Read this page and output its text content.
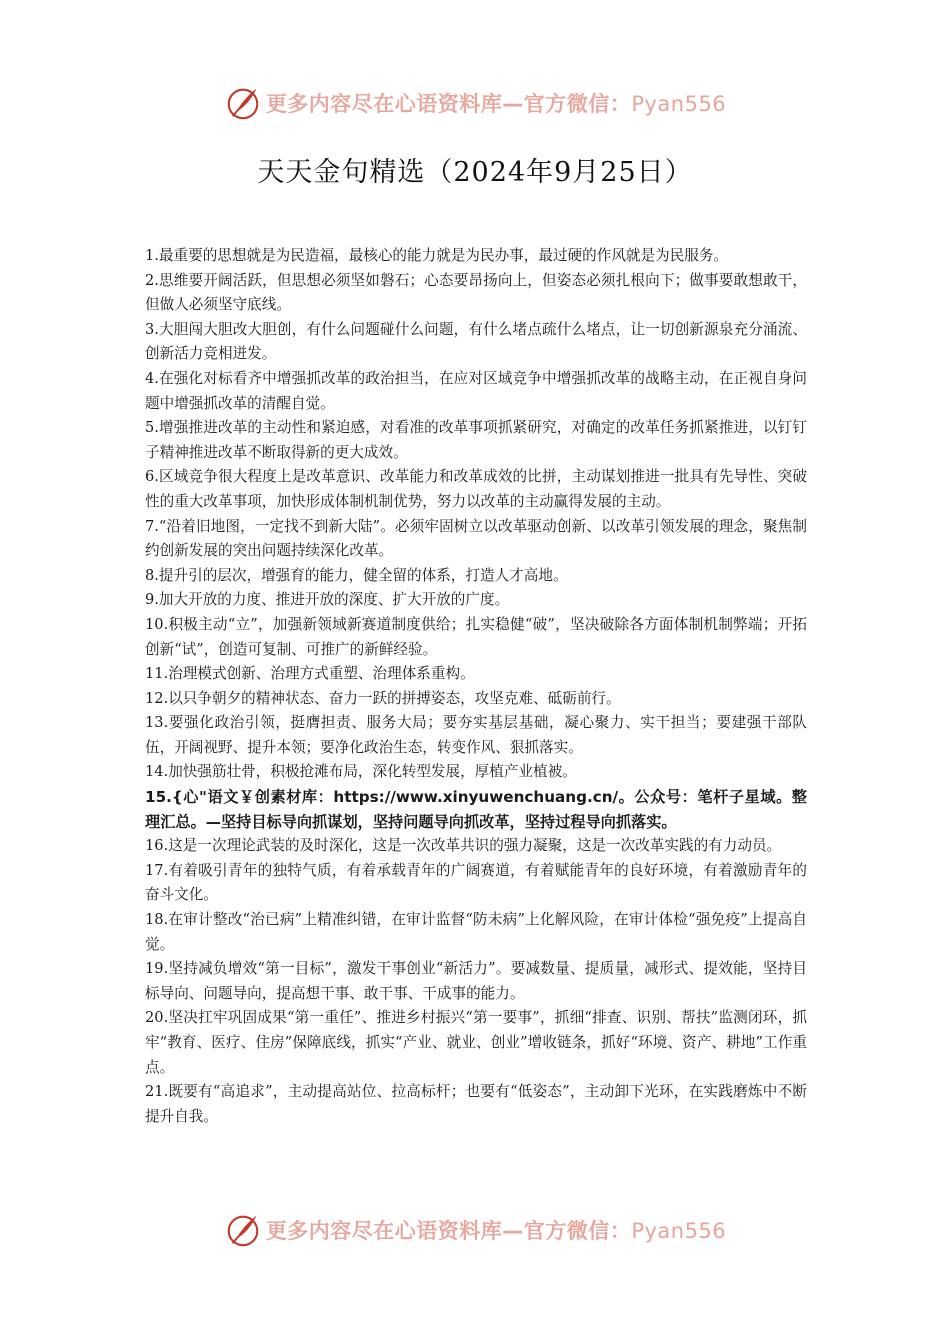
更多内容尽在心语资料库—官方微信：Pyan556
天天金句精选（2024年9月25日）

1.最重要的思想就是为民造福，最核心的能力就是为民办事，最过硬的作风就是为民服务。

2.思维要开阔活跃，但思想必须坚如磐石；心态要昂扬向上，但姿态必须扎根向下；做事要敢想敢干，但做人必须坚守底线。

3.大胆闯大胆改大胆创，有什么问题碰什么问题，有什么堵点疏什么堵点，让一切创新源泉充分涌流、创新活力竞相迸发。

4.在强化对标看齐中增强抓改革的政治担当，在应对区域竞争中增强抓改革的战略主动，在正视自身问题中增强抓改革的清醒自觉。

5.增强推进改革的主动性和紧迫感，对看准的改革事项抓紧研究，对确定的改革任务抓紧推进，以钉钉子精神推进改革不断取得新的更大成效。

6.区域竞争很大程度上是改革意识、改革能力和改革成效的比拼，主动谋划推进一批具有先导性、突破性的重大改革事项，加快形成体制机制优势，努力以改革的主动赢得发展的主动。

7.“沿着旧地图，一定找不到新大陆”。必须牢固树立以改革驱动创新、以改革引领发展的理念，聚焦制约创新发展的突出问题持续深化改革。

8.提升引的层次，增强育的能力，健全留的体系，打造人才高地。

9.加大开放的力度、推进开放的深度、扩大开放的广度。

10.积极主动“立”，加强新领域新赛道制度供给；扎实稳健“破”，坚决破除各方面体制机制弊端；开拓创新“试”，创造可复制、可推广的新鲜经验。

11.治理模式创新、治理方式重塑、治理体系重构。

12.以只争朝夕的精神状态、奋力一跃的拼搏姿态，攻坚克难、砥砺前行。

13.要强化政治引领，挺膺担责、服务大局；要夯实基层基础，凝心聚力、实干担当；要建强干部队伍，开阔视野、提升本领；要净化政治生态，转变作风、狠抓落实。

14.加快强筋壮骨，积极抢滩布局，深化转型发展，厚植产业植被。

15.{心"语文￥创素材库：https://www.xinyuwenchuang.cn/。公众号：笔杆子星域。整理汇总。—坚持目标导向抓谋划，坚持问题导向抓改革，坚持过程导向抓落实。

16.这是一次理论武装的及时深化，这是一次改革共识的强力凝聚，这是一次改革实践的有力动员。

17.有着吸引青年的独特气质，有着承载青年的广阔赛道，有着赋能青年的良好环境，有着激励青年的奋斗文化。

18.在审计整改“治已病”上精准纠错，在审计监督“防未病”上化解风险，在审计体检“强免疫”上提高自觉。

19.坚持减负增效“第一目标”，激发干事创业“新活力”。要减数量、提质量，减形式、提效能，坚持目标导向、问题导向，提高想干事、敢干事、干成事的能力。

20.坚决扛牢巩固成果“第一重任”、推进乡村振兴“第一要事”，抓细“排查、识别、帮扶”监测闭环，抓牢“教育、医疗、住房”保障底线，抓实“产业、就业、创业”增收链条，抓好“环境、资产、耕地”工作重点。

21.既要有“高追求”，主动提高站位、拉高标杆；也要有“低姿态”，主动卸下光环，在实践磨炼中不断提升自我。

更多内容尽在心语资料库—官方微信：Pyan556
